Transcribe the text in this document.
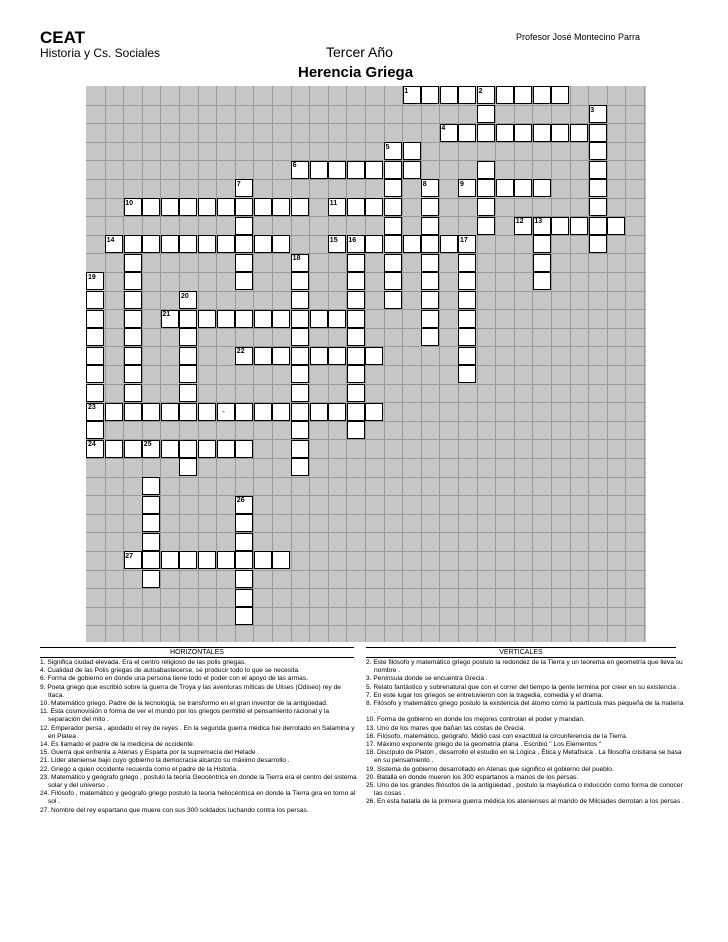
CEAT
Historia y Cs. Sociales
Profesor José Montecino Parra
Tercer Año
Herencia Griega
1	2
3
4
5
6
7	8	9
10	11
12 13
14	15 16	17
18
19
20
21
22
23
24	25
26
27
-
HORIZONTALES	VERTICALES

1. Significa ciudad elevada. Era el centro religioso de las polis griegas.

4. Cualidad de las Polis griegas de autoabastecerse, se producir todo lo que se necesita.

6. Forma de gobierno en donde una persona tiene todo el poder con el apoyo de las armas.

9. Poeta griego que escribió sobre la guerra de Troya y las aventuras míticas de Ulises (Odiseo) rey de Itaca.

10. Matemático griego. Padre de la tecnología, se transformo en el gran inventor de la antigüedad.

11. Esta cosmovisión o forma de ver el mundo por los griegos permitió el pensamiento racional y la separación del mito .

12. Emperador persa , apodado el rey de reyes . En la segunda guerra médica fue derrotado en Salamina y en Platea .

14. Es llamado el padre de la medicina de occidente.

15. Guerra que enfrenta a Atenas y Esparta por la supremacía del Helade .

21. Líder ateniense bajo cuyo gobierno la democracia alcanzo su máximo desarrollo .

22. Griego a quien occidente recuerda como el padre de la Historia.

23. Matemático y geógrafo griego , postulo la teoría Geocéntrica en donde la Tierra era el centro del sistema solar y del universo .

24. Filósofo , matemático y geógrafo griego postulo la teoría heliocéntrica en donde la Tierra gira en torno al sol .

27. Nombre del rey espartano que muere con sus 300 soldados luchando contra los persas.

2. Este filósofo y matemático griego postulo la redondez de la Tierra y un teorema en geometría que lleva su nombre .

3. Península donde se encuentra Grecia .

5. Relato fantástico y sobrenatural que con el correr del tiempo la gente termina por creer en su existencia .

7. En este lugar los griegos se entretuvieron con la tragedia, comedia y el drama.

8. Filósofo y matemático griego postulo la existencia del átomo como la partícula mas pequeña de la materia .

10. Forma de gobierno en donde los mejores controlan el poder y mandan.

13. Uno de los mares que bañan las costas de Grecia.

16. Filósofo, matemático, geógrafo. Midió casi con exactitud la circunferencia de la Tierra.

17. Máximo exponente griego de la geometría plana . Escribió " Los Elementos "

18. Discípulo de Platón , desarrollo el estudio en la Lógica , Ética y Metafísica . La filosofía cristiana se basa en su pensamiento .

19. Sistema de gobierno desarrollado en Atenas que significo el gobierno del pueblo.

20. Batalla en donde mueren los 300 espartanos a manos de los persas.

25. Uno de los grandes filósofos de la antigüedad , postulo la mayéutica o inducción como forma de conocer las cosas .

26. En esta batalla de la primera guerra médica los atenienses al mando de Milciades derrotan a los persas .
